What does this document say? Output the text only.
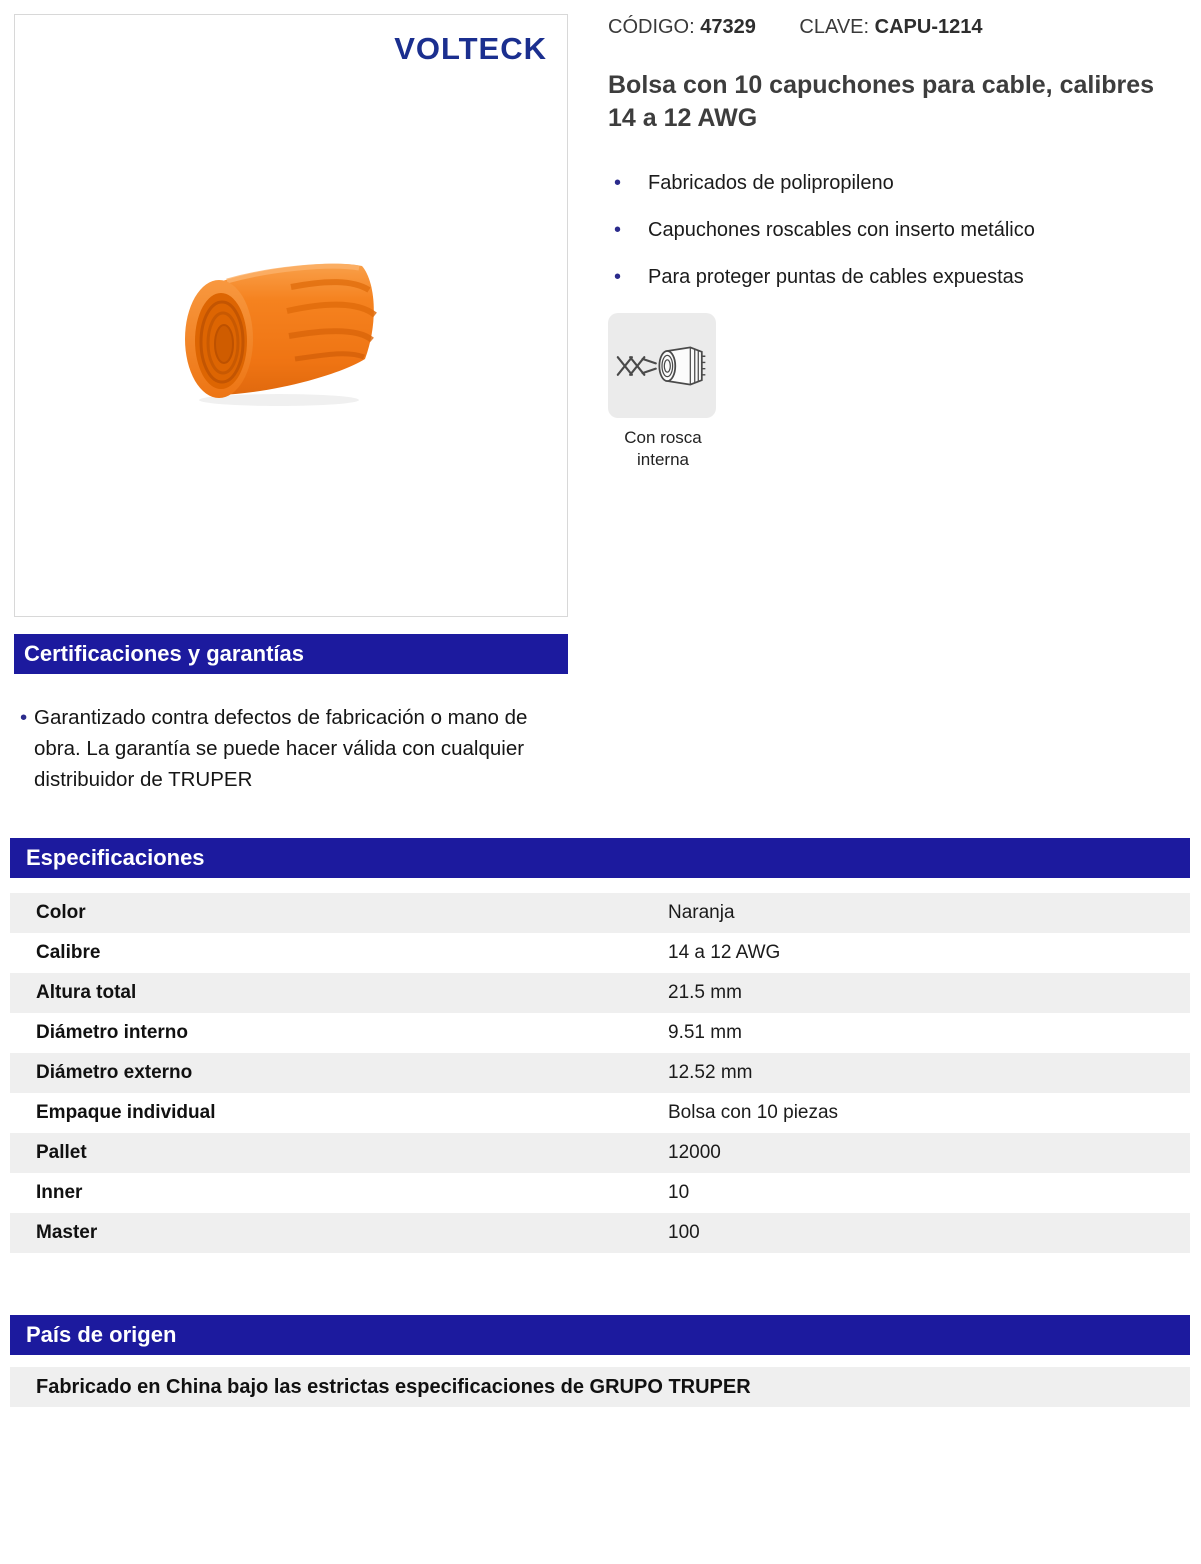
VOLTECK
CÓDIGO: 47329 CLAVE: CAPU-1214
Bolsa con 10 capuchones para cable, calibres 14 a 12 AWG
• Fabricados de polipropileno
• Capuchones roscables con inserto metálico
• Para proteger puntas de cables expuestas
Con rosca interna
Certificaciones y garantías

• Garantizado contra defectos de fabricación o mano de obra. La garantía se puede hacer válida con cualquier distribuidor de TRUPER

Especificaciones
Color	Naranja
Calibre	14 a 12 AWG
Altura total	21.5 mm
Diámetro interno	9.51 mm
Diámetro externo	12.52 mm
Empaque individual	Bolsa con 10 piezas
Pallet	12000
Inner	10
Master	100
País de origen
Fabricado en China bajo las estrictas especificaciones de GRUPO TRUPER
